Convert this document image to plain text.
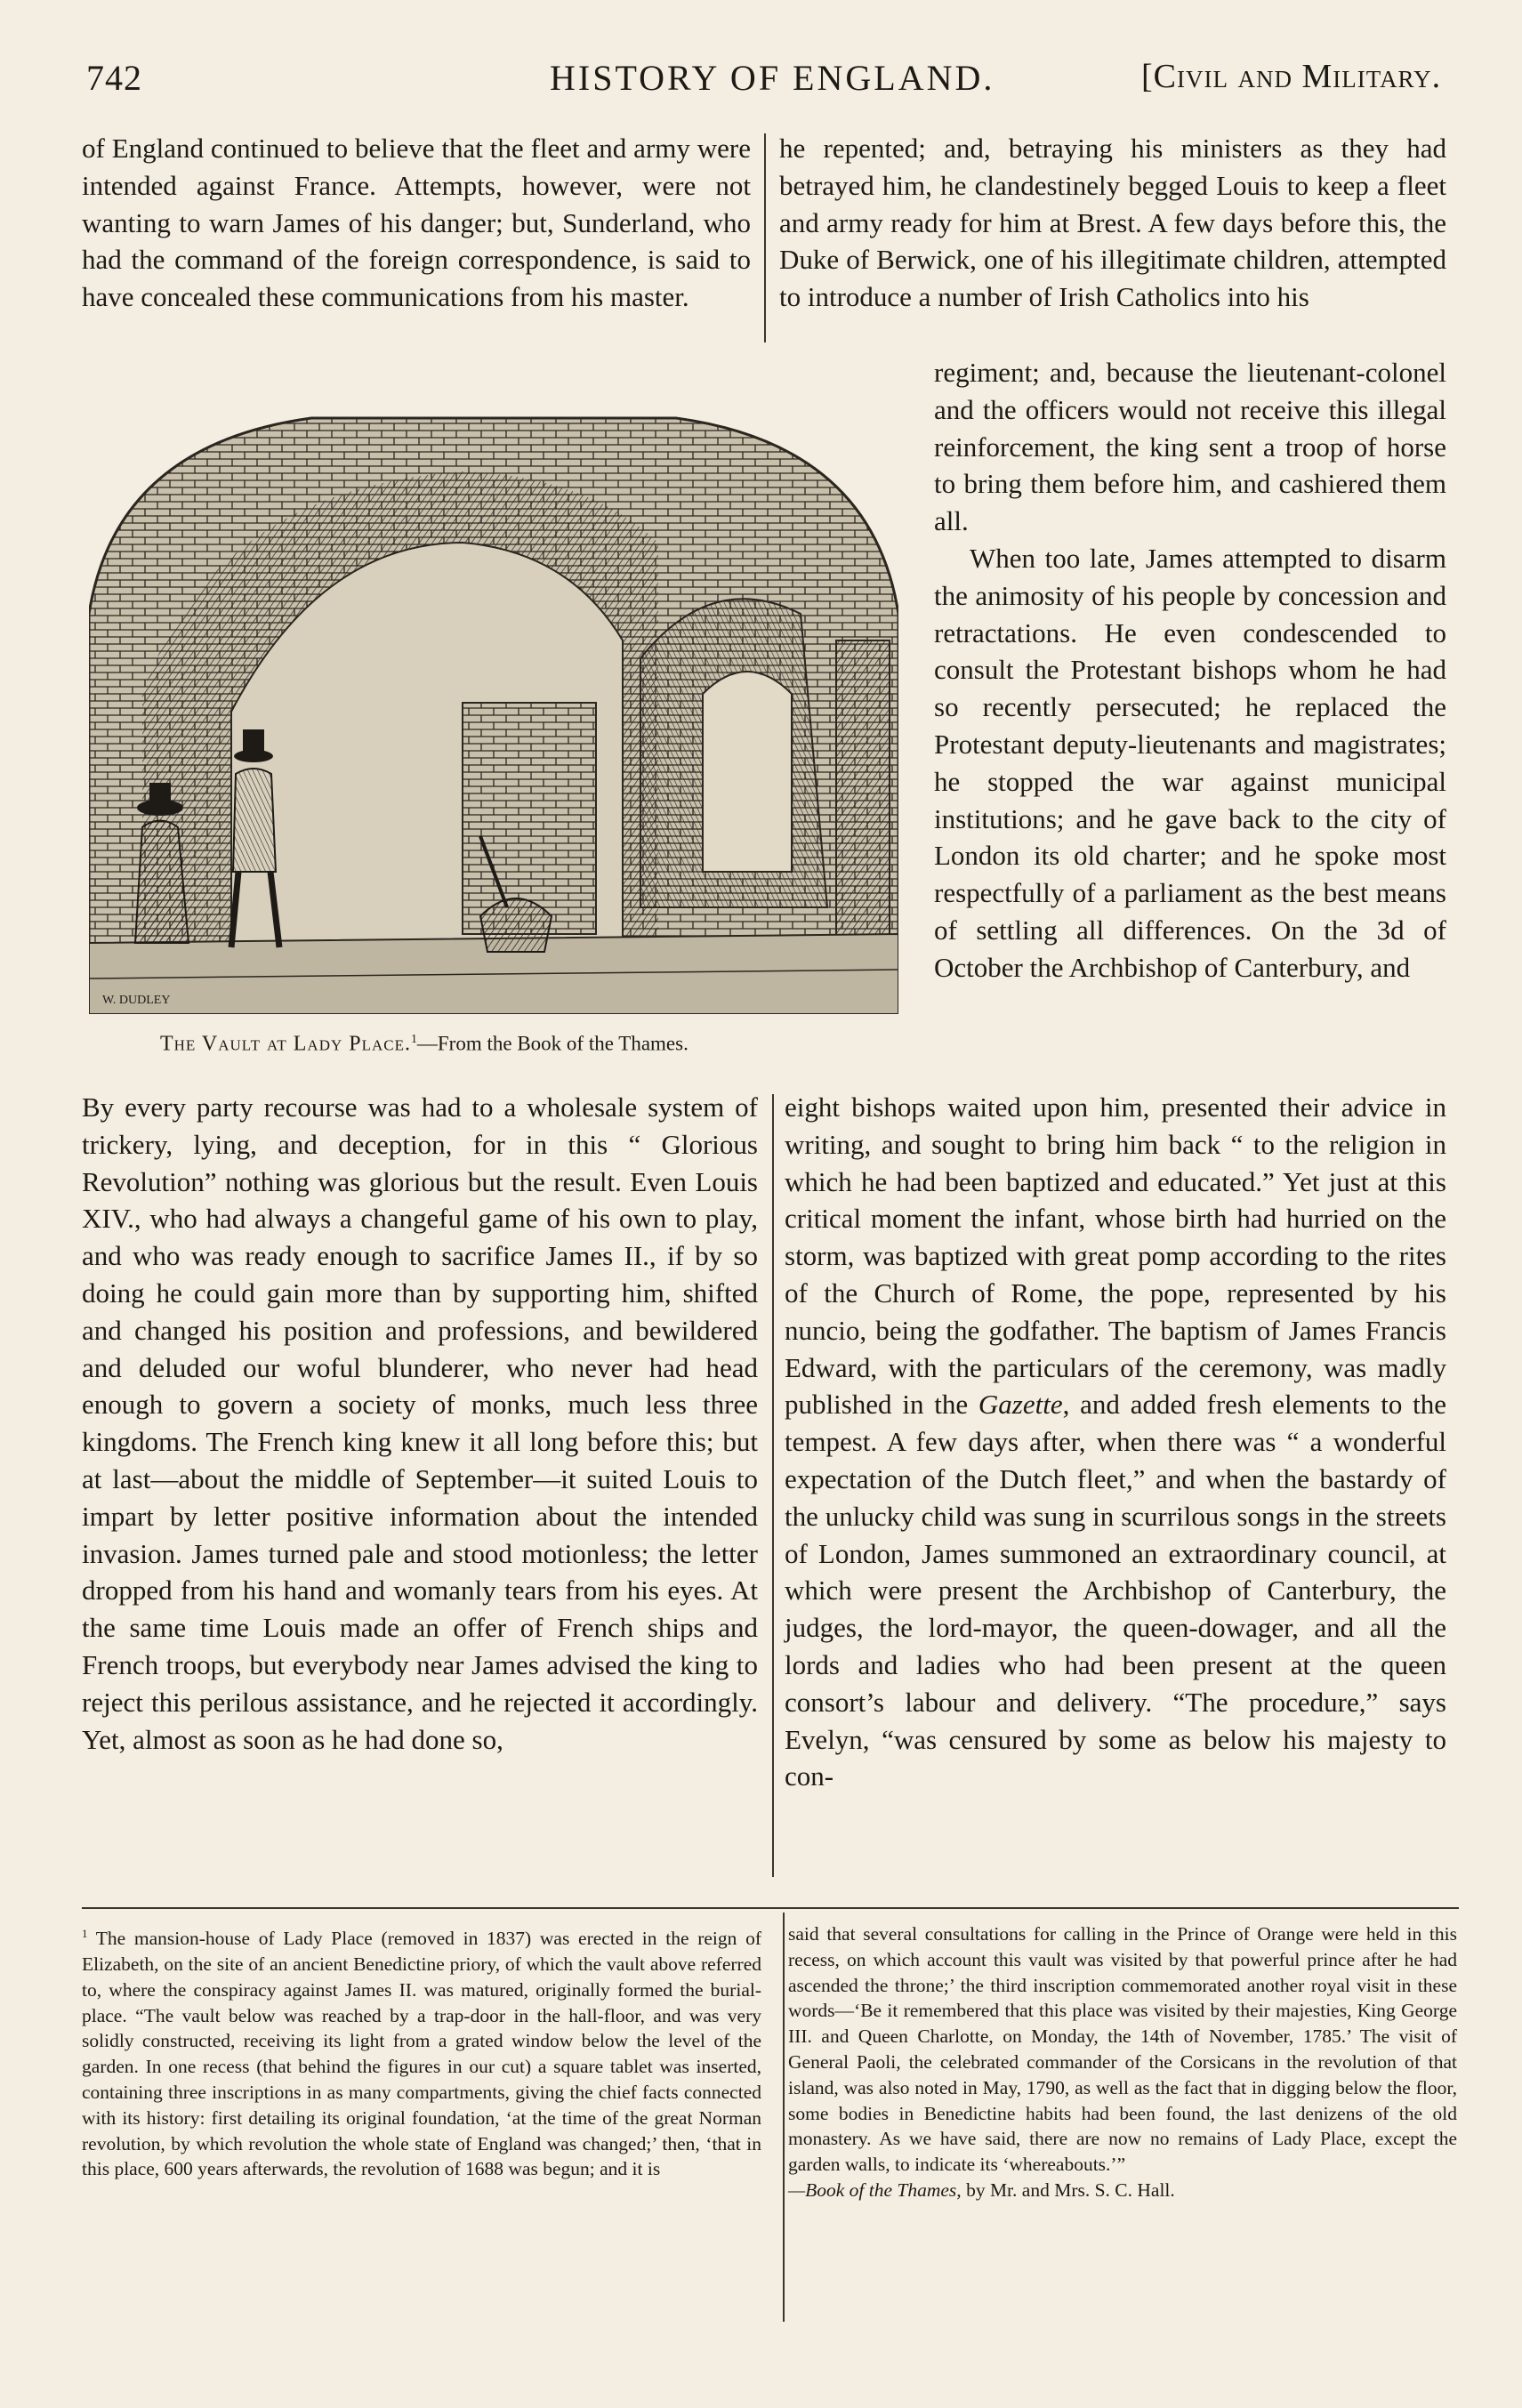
742	HISTORY OF ENGLAND.	[Civil and Military.

of England continued to believe that the fleet and army were intended against France. Attempts, however, were not wanting to warn James of his danger; but, Sunderland, who had the command of the foreign correspondence, is said to have concealed these communications from his master.

he repented; and, betraying his ministers as they had betrayed him, he clandestinely begged Louis to keep a fleet and army ready for him at Brest. A few days before this, the Duke of Berwick, one of his illegitimate children, attempted to introduce a number of Irish Catholics into his

regiment; and, because the lieutenant-colonel and the officers would not receive this illegal reinforcement, the king sent a troop of horse to bring them before him, and cashiered them all.

When too late, James attempted to disarm the animosity of his people by concession and retractations. He even condescended to consult the Protestant bishops whom he had so recently persecuted; he replaced the Protestant deputy-lieutenants and magistrates; he stopped the war against municipal institutions; and he gave back to the city of London its old charter; and he spoke most respectfully of a parliament as the best means of settling all differences. On the 3d of October the Archbishop of Canterbury, and

W. DUDLEY
The Vault at Lady Place.$^1$—From the Book of the Thames.

By every party recourse was had to a wholesale system of trickery, lying, and deception, for in this “ Glorious Revolution” nothing was glorious but the result. Even Louis XIV., who had always a changeful game of his own to play, and who was ready enough to sacrifice James II., if by so doing he could gain more than by supporting him, shifted and changed his position and professions, and bewildered and deluded our woful blunderer, who never had head enough to govern a society of monks, much less three kingdoms. The French king knew it all long before this; but at last—about the middle of September—it suited Louis to impart by letter positive information about the intended invasion. James turned pale and stood motionless; the letter dropped from his hand and womanly tears from his eyes. At the same time Louis made an offer of French ships and French troops, but everybody near James advised the king to reject this perilous assistance, and he rejected it accordingly. Yet, almost as soon as he had done so,

eight bishops waited upon him, presented their advice in writing, and sought to bring him back “ to the religion in which he had been baptized and educated.” Yet just at this critical moment the infant, whose birth had hurried on the storm, was baptized with great pomp according to the rites of the Church of Rome, the pope, represented by his nuncio, being the godfather. The baptism of James Francis Edward, with the particulars of the ceremony, was madly published in the Gazette, and added fresh elements to the tempest. A few days after, when there was “ a wonderful expectation of the Dutch fleet,” and when the bastardy of the unlucky child was sung in scurrilous songs in the streets of London, James summoned an extraordinary council, at which were present the Archbishop of Canterbury, the judges, the lord-mayor, the queen-dowager, and all the lords and ladies who had been present at the queen consort’s labour and delivery. “The procedure,” says Evelyn, “was censured by some as below his majesty to con-

$^1$ The mansion-house of Lady Place (removed in 1837) was erected in the reign of Elizabeth, on the site of an ancient Benedictine priory, of which the vault above referred to, where the conspiracy against James II. was matured, originally formed the burial-place. “The vault below was reached by a trap-door in the hall-floor, and was very solidly constructed, receiving its light from a grated window below the level of the garden. In one recess (that behind the figures in our cut) a square tablet was inserted, containing three inscriptions in as many compartments, giving the chief facts connected with its history: first detailing its original foundation, ‘at the time of the great Norman revolution, by which revolution the whole state of England was changed;’ then, ‘that in this place, 600 years afterwards, the revolution of 1688 was begun; and it is

said that several consultations for calling in the Prince of Orange were held in this recess, on which account this vault was visited by that powerful prince after he had ascended the throne;’ the third inscription commemorated another royal visit in these words—‘Be it remembered that this place was visited by their majesties, King George III. and Queen Charlotte, on Monday, the 14th of November, 1785.’ The visit of General Paoli, the celebrated commander of the Corsicans in the revolution of that island, was also noted in May, 1790, as well as the fact that in digging below the floor, some bodies in Benedictine habits had been found, the last denizens of the old monastery. As we have said, there are now no remains of Lady Place, except the garden walls, to indicate its ‘whereabouts.’”
—Book of the Thames, by Mr. and Mrs. S. C. Hall.
